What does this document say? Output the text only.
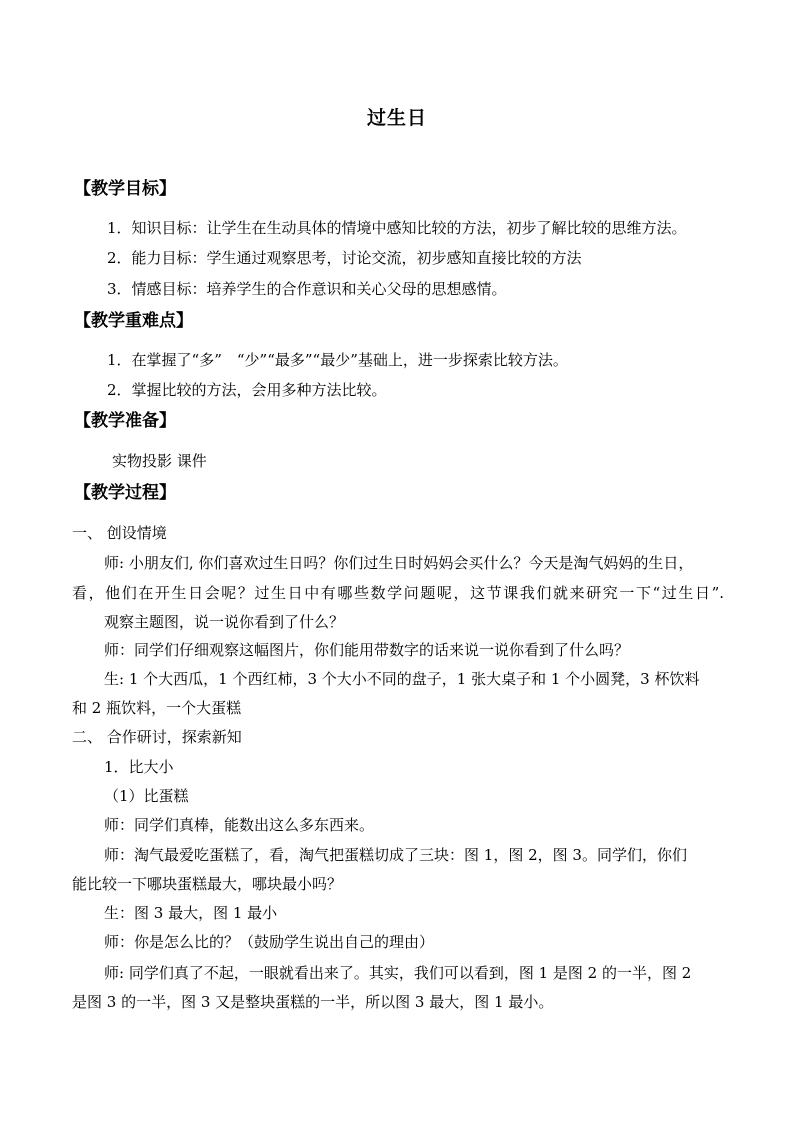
过生日
【教学目标】
1．知识目标：让学生在生动具体的情境中感知比较的方法，初步了解比较的思维方法。
2．能力目标：学生通过观察思考，讨论交流，初步感知直接比较的方法
3．情感目标：培养学生的合作意识和关心父母的思想感情。
【教学重难点】
1．在掌握了“多”　“少”“最多”“最少”基础上，进一步探索比较方法。
2．掌握比较的方法，会用多种方法比较。
【教学准备】
实物投影 课件
【教学过程】
一、 创设情境
师: 小朋友们, 你们喜欢过生日吗？你们过生日时妈妈会买什么？今天是淘气妈妈的生日，
看，他们在开生日会呢？过生日中有哪些数学问题呢，这节课我们就来研究一下“过生日”.
观察主题图，说一说你看到了什么？
师：同学们仔细观察这幅图片，你们能用带数字的话来说一说你看到了什么吗？
生: 1 个大西瓜，1 个西红柿，3 个大小不同的盘子，1 张大桌子和 1 个小圆凳，3 杯饮料
和 2 瓶饮料，一个大蛋糕
二、 合作研讨，探索新知
1．比大小
（1）比蛋糕
师：同学们真棒，能数出这么多东西来。
师：淘气最爱吃蛋糕了，看，淘气把蛋糕切成了三块：图 1，图 2，图 3。同学们，你们
能比较一下哪块蛋糕最大，哪块最小吗？
生：图 3 最大，图 1 最小
师：你是怎么比的？（鼓励学生说出自己的理由）
师: 同学们真了不起，一眼就看出来了。其实，我们可以看到，图 1 是图 2 的一半，图 2
是图 3 的一半，图 3 又是整块蛋糕的一半，所以图 3 最大，图 1 最小。
